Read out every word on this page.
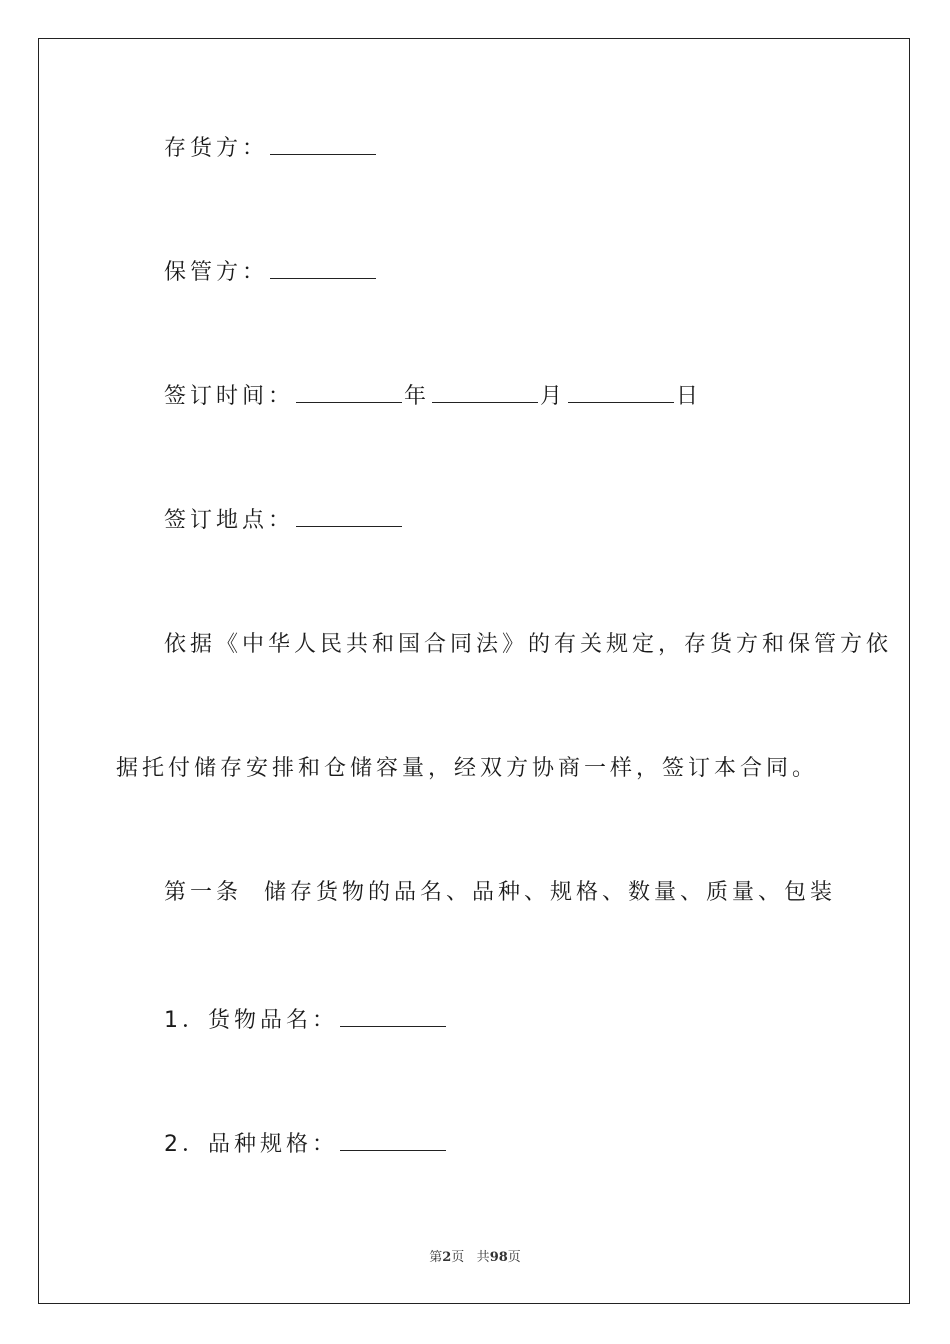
存货方：
保管方：
签订时间：	年	月	日
签订地点：
依据《中华人民共和国合同法》的有关规定，存货方和保管方依
据托付储存安排和仓储容量，经双方协商一样，签订本合同。
第一条  储存货物的品名、品种、规格、数量、质量、包装
1．货物品名：
2．品种规格：
第2页 共98页
